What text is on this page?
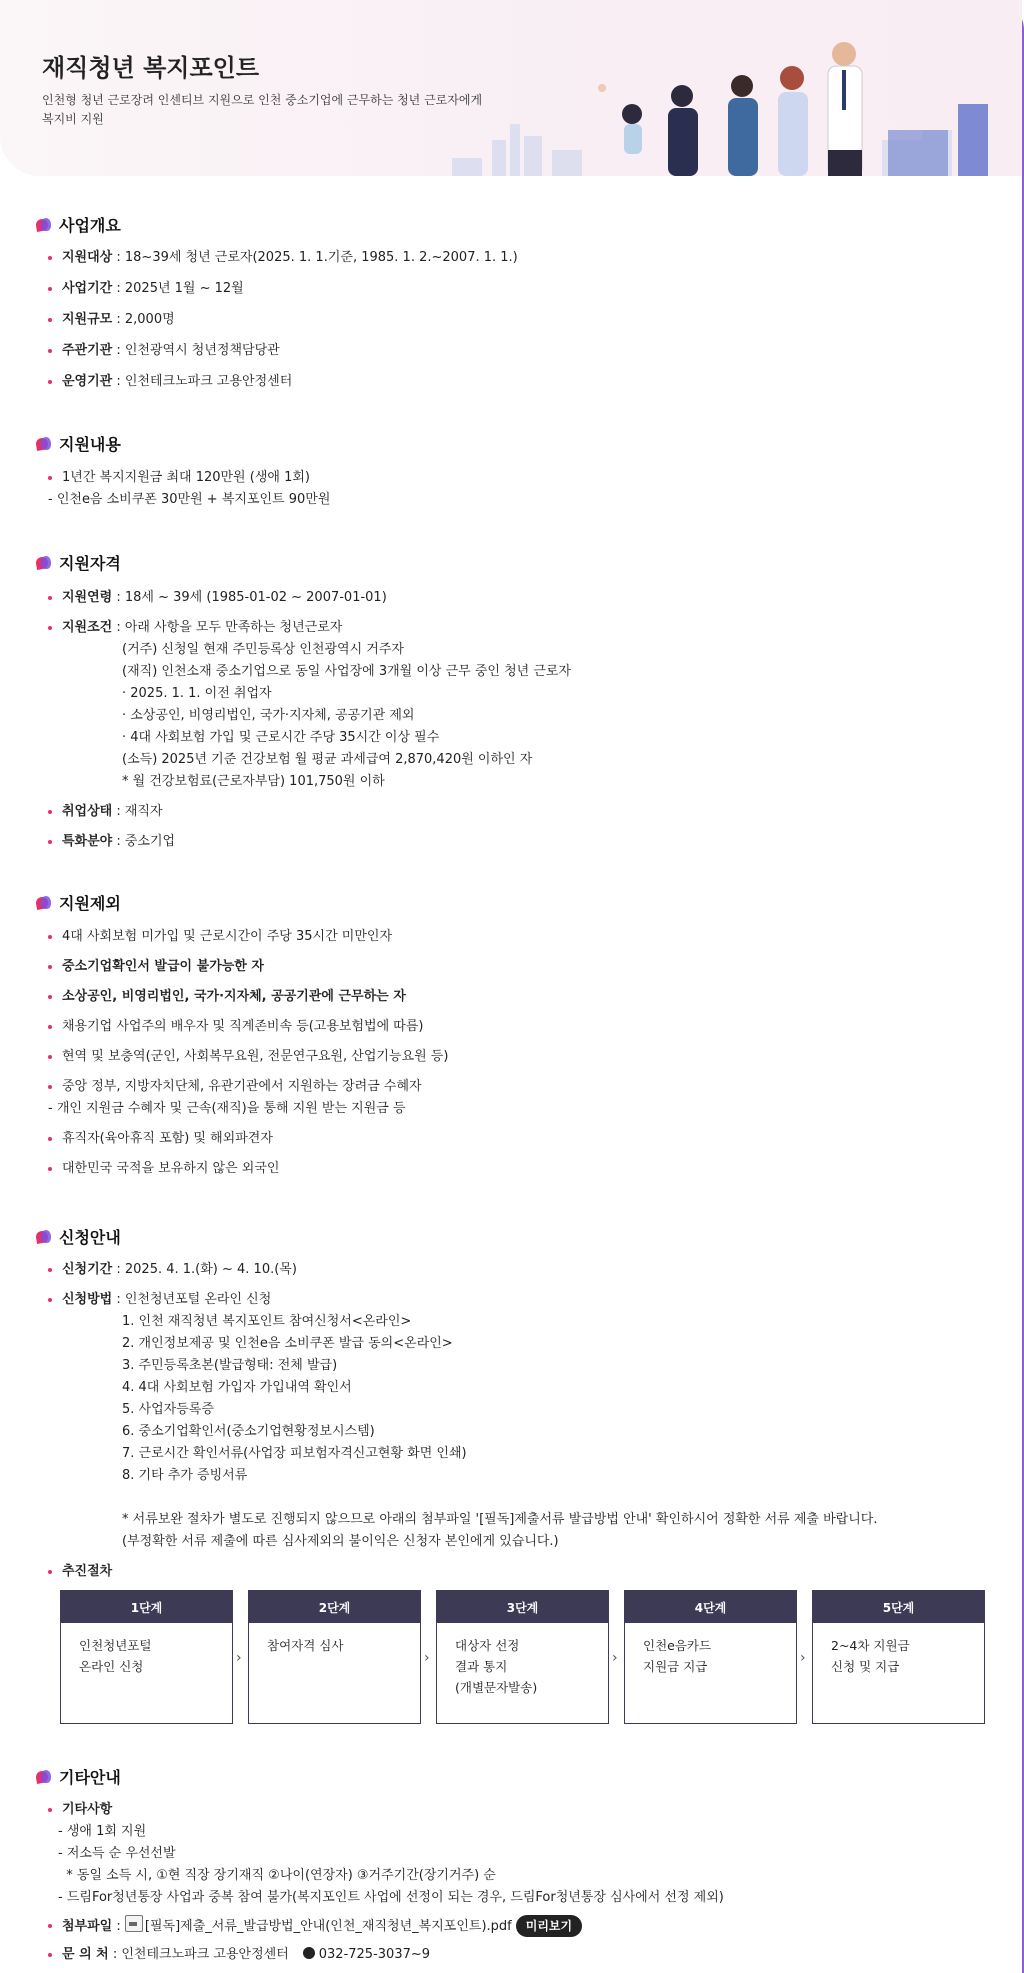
재직청년 복지포인트

인천형 청년 근로장려 인센티브 지원으로 인천 중소기업에 근무하는 청년 근로자에게
복지비 지원

사업개요
지원대상 : 18~39세 청년 근로자(2025. 1. 1.기준, 1985. 1. 2.~2007. 1. 1.)
사업기간 : 2025년 1월 ~ 12월
지원규모 : 2,000명
주관기관 : 인천광역시 청년정책담당관
운영기관 : 인천테크노파크 고용안정센터
지원내용
1년간 복지지원금 최대 120만원 (생애 1회)
- 인천e음 소비쿠폰 30만원 + 복지포인트 90만원
지원자격
지원연령 : 18세 ~ 39세 (1985-01-02 ~ 2007-01-01)
지원조건 : 아래 사항을 모두 만족하는 청년근로자
(거주) 신청일 현재 주민등록상 인천광역시 거주자
(재직) 인천소재 중소기업으로 동일 사업장에 3개월 이상 근무 중인 청년 근로자
· 2025. 1. 1. 이전 취업자
· 소상공인, 비영리법인, 국가·지자체, 공공기관 제외
· 4대 사회보험 가입 및 근로시간 주당 35시간 이상 필수
(소득) 2025년 기준 건강보험 월 평균 과세급여 2,870,420원 이하인 자
* 월 건강보험료(근로자부담) 101,750원 이하
취업상태 : 재직자
특화분야 : 중소기업
지원제외
4대 사회보험 미가입 및 근로시간이 주당 35시간 미만인자
중소기업확인서 발급이 불가능한 자
소상공인, 비영리법인, 국가·지자체, 공공기관에 근무하는 자
채용기업 사업주의 배우자 및 직계존비속 등(고용보험법에 따름)
현역 및 보충역(군인, 사회복무요원, 전문연구요원, 산업기능요원 등)
중앙 정부, 지방자치단체, 유관기관에서 지원하는 장려금 수혜자
- 개인 지원금 수혜자 및 근속(재직)을 통해 지원 받는 지원금 등
휴직자(육아휴직 포함) 및 해외파견자
대한민국 국적을 보유하지 않은 외국인
신청안내
신청기간 : 2025. 4. 1.(화) ~ 4. 10.(목)
신청방법 : 인천청년포털 온라인 신청
1. 인천 재직청년 복지포인트 참여신청서<온라인>
2. 개인정보제공 및 인천e음 소비쿠폰 발급 동의<온라인>
3. 주민등록초본(발급형태: 전체 발급)
4. 4대 사회보험 가입자 가입내역 확인서
5. 사업자등록증
6. 중소기업확인서(중소기업현황정보시스템)
7. 근로시간 확인서류(사업장 피보험자격신고현황 화면 인쇄)
8. 기타 추가 증빙서류
* 서류보완 절차가 별도로 진행되지 않으므로 아래의 첨부파일 '[필독]제출서류 발급방법 안내' 확인하시어 정확한 서류 제출 바랍니다.
(부정확한 서류 제출에 따른 심사제외의 불이익은 신청자 본인에게 있습니다.)
추진절차
1단계
인천청년포털
온라인 신청
›
2단계
참여자격 심사
›
3단계
대상자 선정
결과 통지
(개별문자발송)
›
4단계
인천e음카드
지원금 지급
›
5단계
2~4차 지원금
신청 및 지급
기타안내
기타사항
- 생애 1회 지원
- 저소득 순 우선선발
* 동일 소득 시, ①현 직장 장기재직 ②나이(연장자) ③거주기간(장기거주) 순
- 드림For청년통장 사업과 중복 참여 불가(복지포인트 사업에 선정이 되는 경우, 드림For청년통장 심사에서 선정 제외)
첨부파일 : [필독]제출_서류_발급방법_안내(인천_재직청년_복지포인트).pdf 미리보기
문 의 처 : 인천테크노파크 고용안정센터 032-725-3037~9
